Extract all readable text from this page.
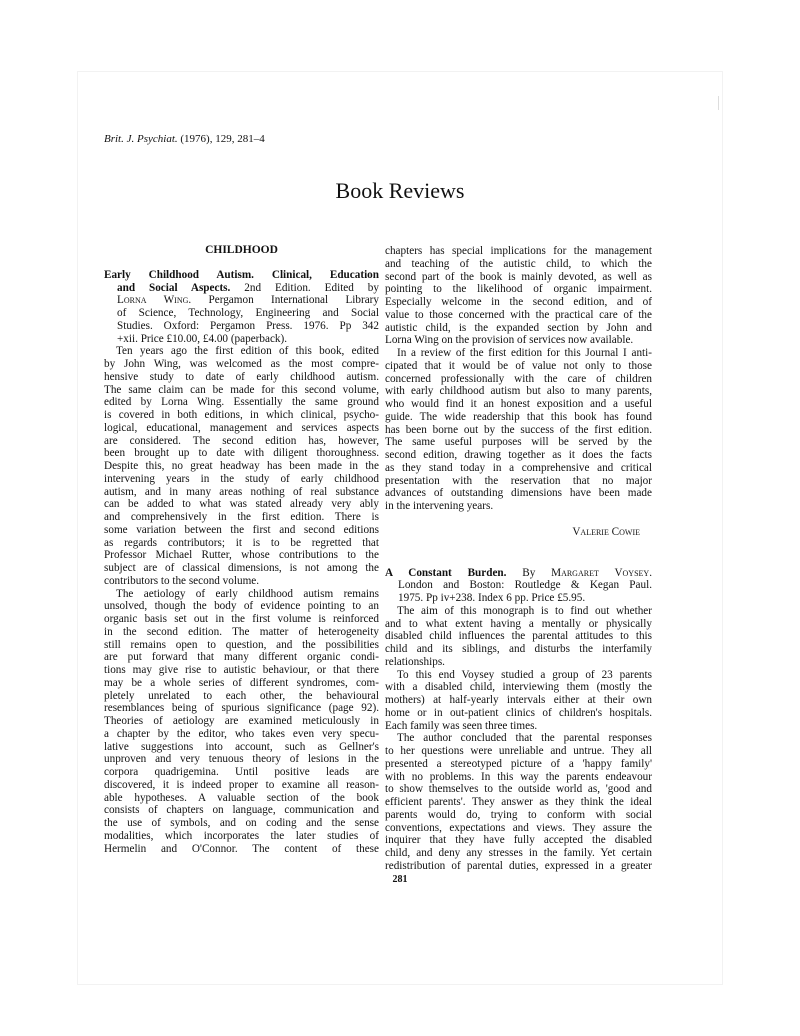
Brit. J. Psychiat. (1976), 129, 281–4
Book Reviews
CHILDHOOD
Early Childhood Autism. Clinical, Education
and Social Aspects. 2nd Edition. Edited by
Lorna Wing. Pergamon International Library
of Science, Technology, Engineering and Social
Studies. Oxford: Pergamon Press. 1976. Pp 342
+xii. Price £10.00, £4.00 (paperback).
Ten years ago the first edition of this book, edited
by John Wing, was welcomed as the most compre-
hensive study to date of early childhood autism.
The same claim can be made for this second volume,
edited by Lorna Wing. Essentially the same ground
is covered in both editions, in which clinical, psycho-
logical, educational, management and services aspects
are considered. The second edition has, however,
been brought up to date with diligent thoroughness.
Despite this, no great headway has been made in the
intervening years in the study of early childhood
autism, and in many areas nothing of real substance
can be added to what was stated already very ably
and comprehensively in the first edition. There is
some variation between the first and second editions
as regards contributors; it is to be regretted that
Professor Michael Rutter, whose contributions to the
subject are of classical dimensions, is not among the
contributors to the second volume.
The aetiology of early childhood autism remains
unsolved, though the body of evidence pointing to an
organic basis set out in the first volume is reinforced
in the second edition. The matter of heterogeneity
still remains open to question, and the possibilities
are put forward that many different organic condi-
tions may give rise to autistic behaviour, or that there
may be a whole series of different syndromes, com-
pletely unrelated to each other, the behavioural
resemblances being of spurious significance (page 92).
Theories of aetiology are examined meticulously in
a chapter by the editor, who takes even very specu-
lative suggestions into account, such as Gellner's
unproven and very tenuous theory of lesions in the
corpora quadrigemina. Until positive leads are
discovered, it is indeed proper to examine all reason-
able hypotheses. A valuable section of the book
consists of chapters on language, communication and
the use of symbols, and on coding and the sense
modalities, which incorporates the later studies of
Hermelin and O'Connor. The content of these
chapters has special implications for the management
and teaching of the autistic child, to which the
second part of the book is mainly devoted, as well as
pointing to the likelihood of organic impairment.
Especially welcome in the second edition, and of
value to those concerned with the practical care of the
autistic child, is the expanded section by John and
Lorna Wing on the provision of services now available.
In a review of the first edition for this Journal I anti-
cipated that it would be of value not only to those
concerned professionally with the care of children
with early childhood autism but also to many parents,
who would find it an honest exposition and a useful
guide. The wide readership that this book has found
has been borne out by the success of the first edition.
The same useful purposes will be served by the
second edition, drawing together as it does the facts
as they stand today in a comprehensive and critical
presentation with the reservation that no major
advances of outstanding dimensions have been made
in the intervening years.
Valerie Cowie
A Constant Burden. By Margaret Voysey.
London and Boston: Routledge & Kegan Paul.
1975. Pp iv+238. Index 6 pp. Price £5.95.
The aim of this monograph is to find out whether
and to what extent having a mentally or physically
disabled child influences the parental attitudes to this
child and its siblings, and disturbs the interfamily
relationships.
To this end Voysey studied a group of 23 parents
with a disabled child, interviewing them (mostly the
mothers) at half-yearly intervals either at their own
home or in out-patient clinics of children's hospitals.
Each family was seen three times.
The author concluded that the parental responses
to her questions were unreliable and untrue. They all
presented a stereotyped picture of a 'happy family'
with no problems. In this way the parents endeavour
to show themselves to the outside world as, 'good and
efficient parents'. They answer as they think the ideal
parents would do, trying to conform with social
conventions, expectations and views. They assure the
inquirer that they have fully accepted the disabled
child, and deny any stresses in the family. Yet certain
redistribution of parental duties, expressed in a greater
281
